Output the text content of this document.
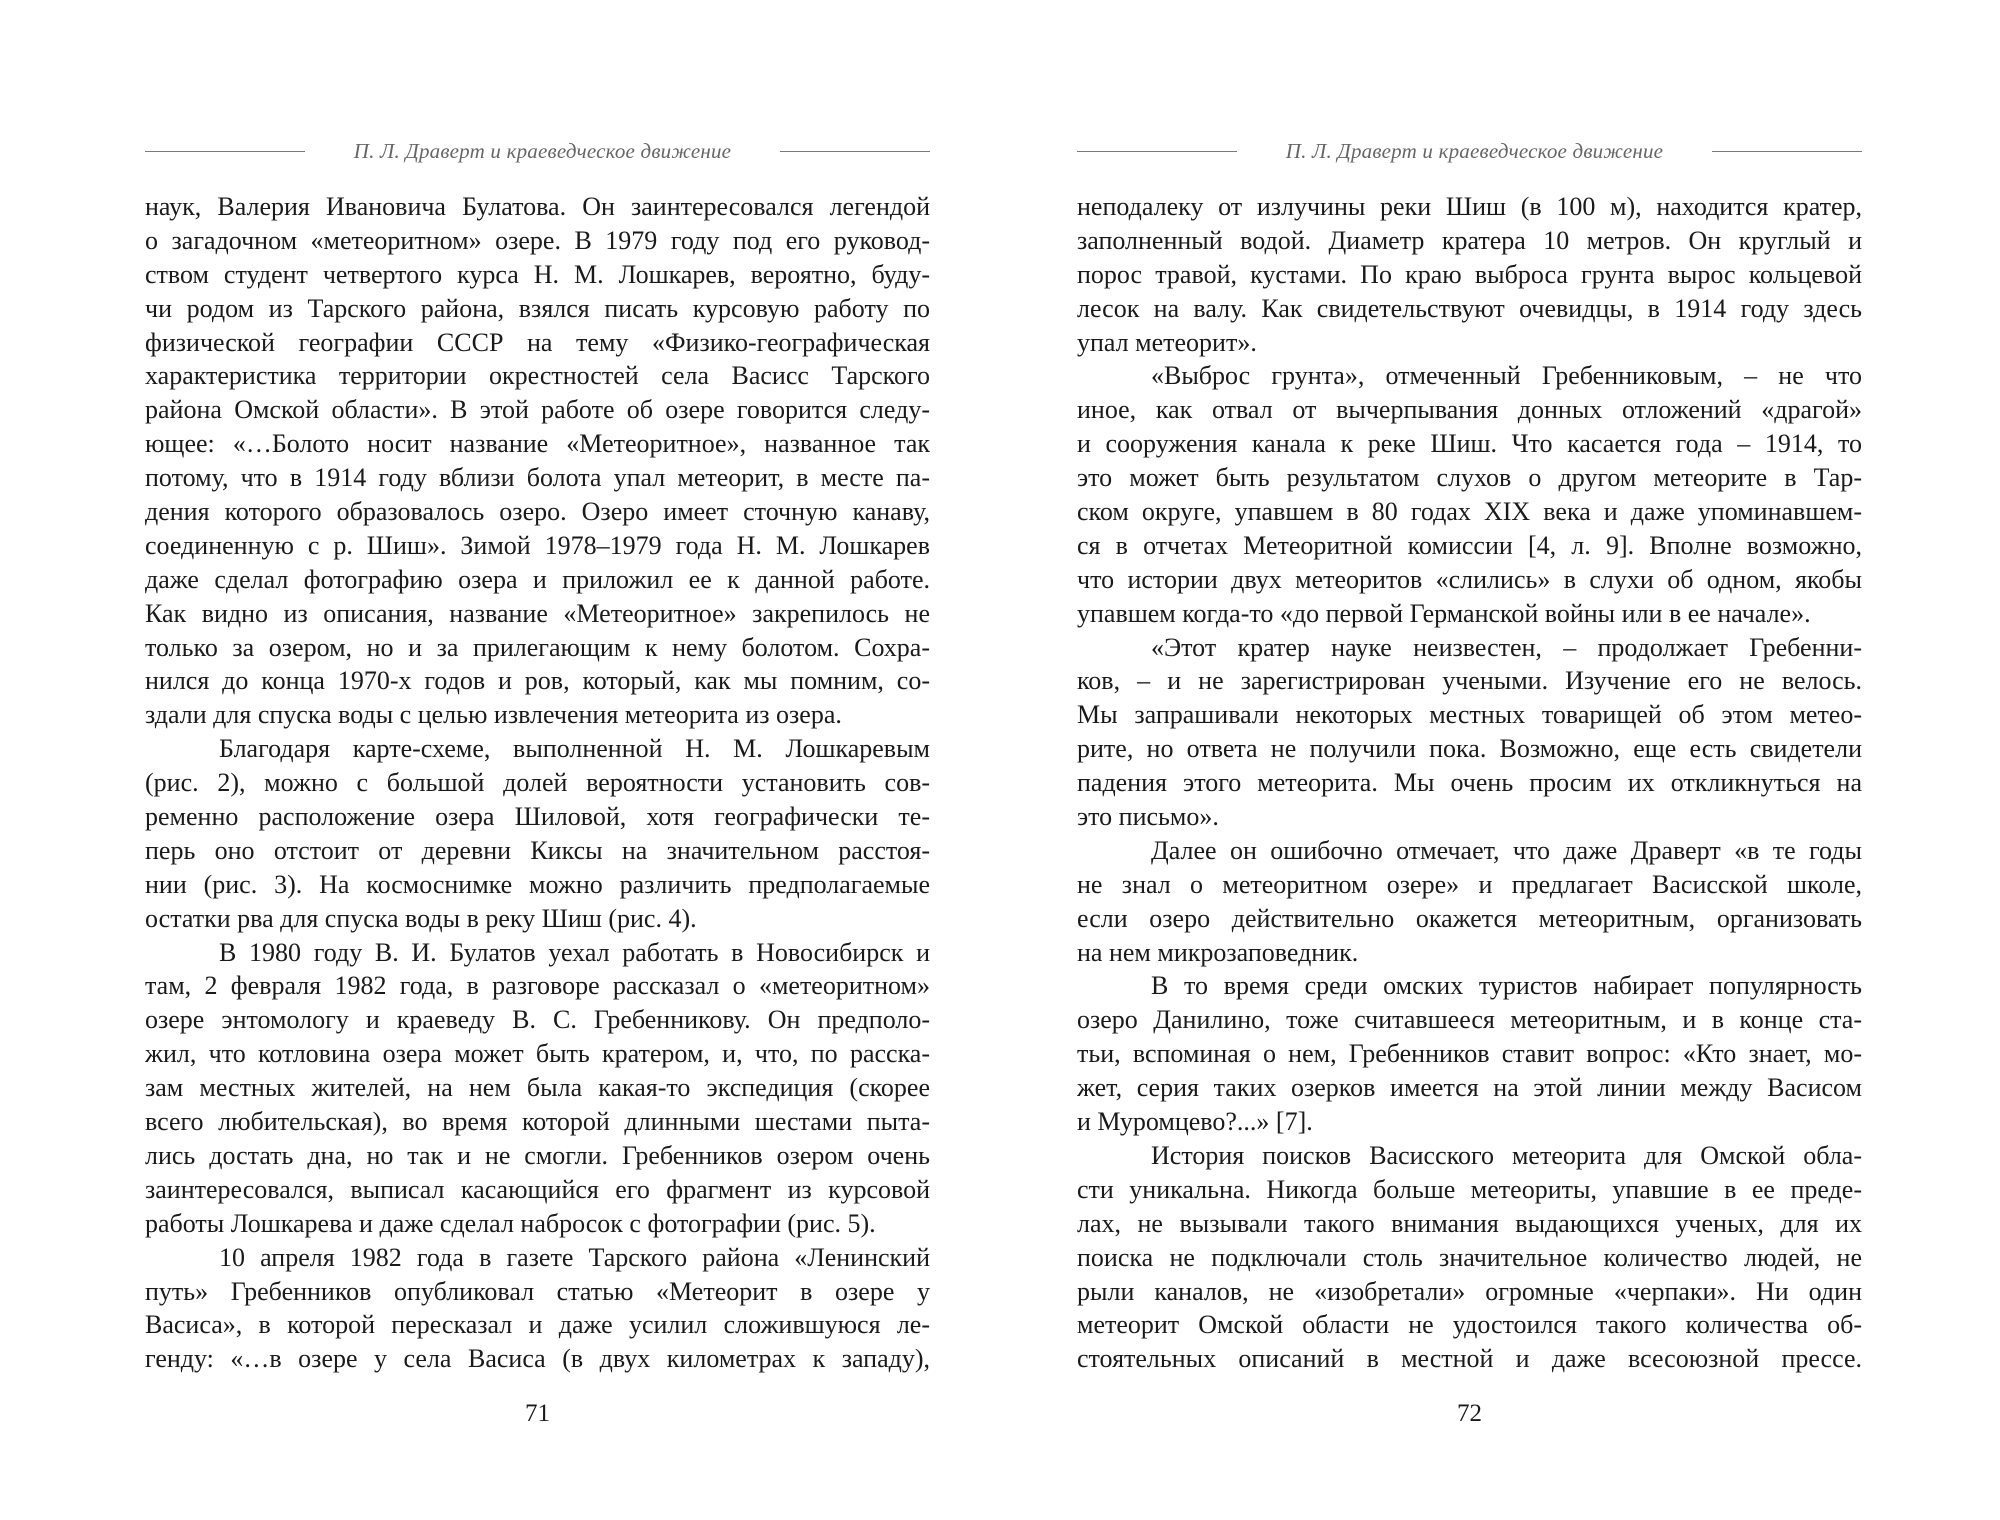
П. Л. Драверт и краеведческое движение
наук, Валерия Ивановича Булатова. Он заинтересовался легендой
о загадочном «метеоритном» озере. В 1979 году под его руковод-
ством студент четвертого курса Н. М. Лошкарев, вероятно, буду-
чи родом из Тарского района, взялся писать курсовую работу по
физической географии СССР на тему «Физико-географическая
характеристика территории окрестностей села Васисс Тарского
района Омской области». В этой работе об озере говорится следу-
ющее: «…Болото носит название «Метеоритное», названное так
потому, что в 1914 году вблизи болота упал метеорит, в месте па-
дения которого образовалось озеро. Озеро имеет сточную канаву,
соединенную с р. Шиш». Зимой 1978–1979 года Н. М. Лошкарев
даже сделал фотографию озера и приложил ее к данной работе.
Как видно из описания, название «Метеоритное» закрепилось не
только за озером, но и за прилегающим к нему болотом. Сохра-
нился до конца 1970-х годов и ров, который, как мы помним, со-
здали для спуска воды с целью извлечения метеорита из озера.
Благодаря карте-схеме, выполненной Н. М. Лошкаревым
(рис. 2), можно с большой долей вероятности установить сов-
ременно расположение озера Шиловой, хотя географически те-
перь оно отстоит от деревни Киксы на значительном расстоя-
нии (рис. 3). На космоснимке можно различить предполагаемые
остатки рва для спуска воды в реку Шиш (рис. 4).
В 1980 году В. И. Булатов уехал работать в Новосибирск и
там, 2 февраля 1982 года, в разговоре рассказал о «метеоритном»
озере энтомологу и краеведу В. С. Гребенникову. Он предполо-
жил, что котловина озера может быть кратером, и, что, по расска-
зам местных жителей, на нем была какая-то экспедиция (скорее
всего любительская), во время которой длинными шестами пыта-
лись достать дна, но так и не смогли. Гребенников озером очень
заинтересовался, выписал касающийся его фрагмент из курсовой
работы Лошкарева и даже сделал набросок с фотографии (рис. 5).
10 апреля 1982 года в газете Тарского района «Ленинский
путь» Гребенников опубликовал статью «Метеорит в озере у
Васиса», в которой пересказал и даже усилил сложившуюся ле-
генду: «…в озере у села Васиса (в двух километрах к западу),
71
П. Л. Драверт и краеведческое движение
неподалеку от излучины реки Шиш (в 100 м), находится кратер,
заполненный водой. Диаметр кратера 10 метров. Он круглый и
порос травой, кустами. По краю выброса грунта вырос кольцевой
лесок на валу. Как свидетельствуют очевидцы, в 1914 году здесь
упал метеорит».
«Выброс грунта», отмеченный Гребенниковым, – не что
иное, как отвал от вычерпывания донных отложений «драгой»
и сооружения канала к реке Шиш. Что касается года – 1914, то
это может быть результатом слухов о другом метеорите в Тар-
ском округе, упавшем в 80 годах XIX века и даже упоминавшем-
ся в отчетах Метеоритной комиссии [4, л. 9]. Вполне возможно,
что истории двух метеоритов «слились» в слухи об одном, якобы
упавшем когда-то «до первой Германской войны или в ее начале».
«Этот кратер науке неизвестен, – продолжает Гребенни-
ков, – и не зарегистрирован учеными. Изучение его не велось.
Мы запрашивали некоторых местных товарищей об этом метео-
рите, но ответа не получили пока. Возможно, еще есть свидетели
падения этого метеорита. Мы очень просим их откликнуться на
это письмо».
Далее он ошибочно отмечает, что даже Драверт «в те годы
не знал о метеоритном озере» и предлагает Васисской школе,
если озеро действительно окажется метеоритным, организовать
на нем микрозаповедник.
В то время среди омских туристов набирает популярность
озеро Данилино, тоже считавшееся метеоритным, и в конце ста-
тьи, вспоминая о нем, Гребенников ставит вопрос: «Кто знает, мо-
жет, серия таких озерков имеется на этой линии между Васисом
и Муромцево?...» [7].
История поисков Васисского метеорита для Омской обла-
сти уникальна. Никогда больше метеориты, упавшие в ее преде-
лах, не вызывали такого внимания выдающихся ученых, для их
поиска не подключали столь значительное количество людей, не
рыли каналов, не «изобретали» огромные «черпаки». Ни один
метеорит Омской области не удостоился такого количества об-
стоятельных описаний в местной и даже всесоюзной прессе.
72
